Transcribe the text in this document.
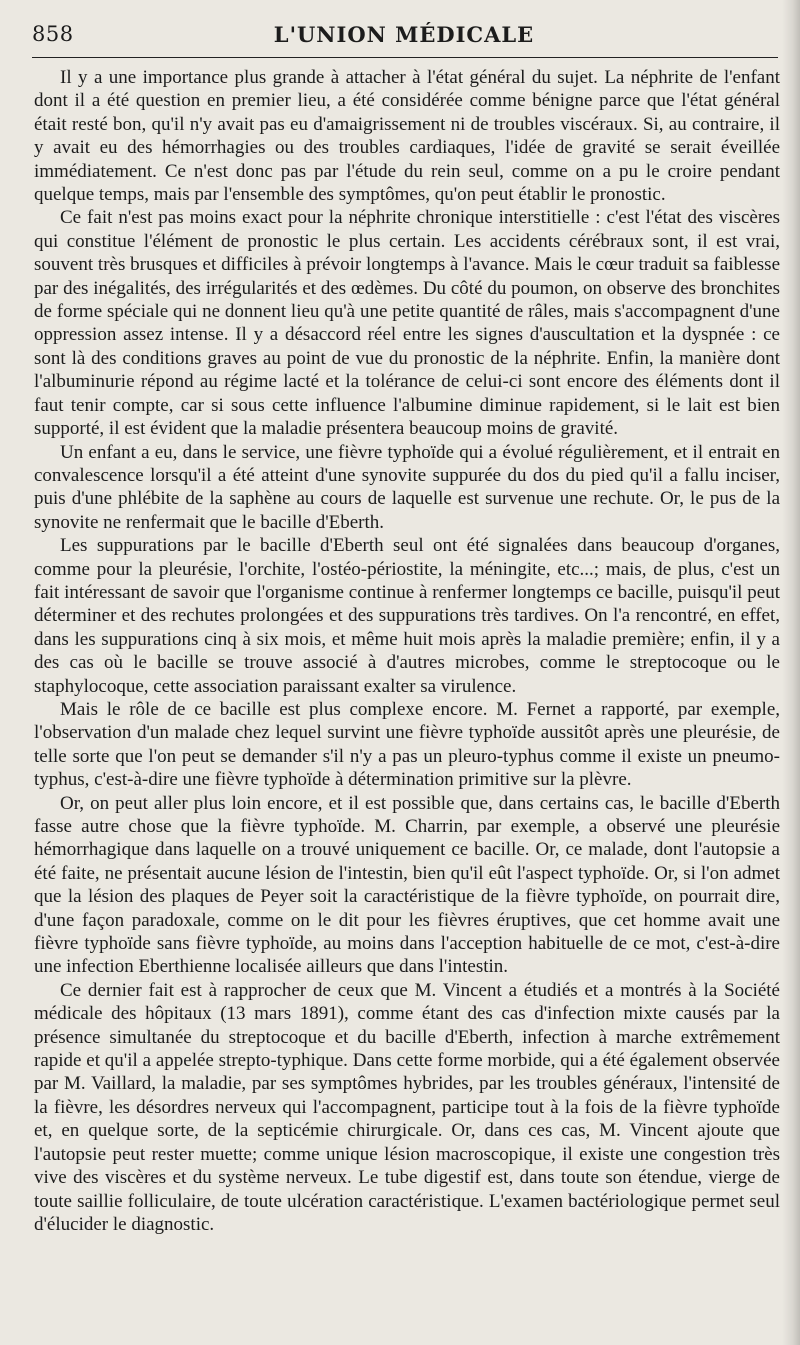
858	L'UNION MÉDICALE

Il y a une importance plus grande à attacher à l'état général du sujet. La néphrite de l'enfant dont il a été question en premier lieu, a été considérée comme bénigne parce que l'état général était resté bon, qu'il n'y avait pas eu d'amaigrissement ni de troubles viscéraux. Si, au contraire, il y avait eu des hémorrhagies ou des troubles cardiaques, l'idée de gravité se serait éveillée immédiatement. Ce n'est donc pas par l'étude du rein seul, comme on a pu le croire pendant quelque temps, mais par l'ensemble des symptômes, qu'on peut établir le pronostic.

Ce fait n'est pas moins exact pour la néphrite chronique interstitielle : c'est l'état des viscères qui constitue l'élément de pronostic le plus certain. Les accidents cérébraux sont, il est vrai, souvent très brusques et difficiles à prévoir longtemps à l'avance. Mais le cœur traduit sa faiblesse par des inégalités, des irrégularités et des œdèmes. Du côté du poumon, on observe des bronchites de forme spéciale qui ne donnent lieu qu'à une petite quantité de râles, mais s'accompagnent d'une oppression assez intense. Il y a désaccord réel entre les signes d'auscultation et la dyspnée : ce sont là des conditions graves au point de vue du pronostic de la néphrite. Enfin, la manière dont l'albuminurie répond au régime lacté et la tolérance de celui-ci sont encore des éléments dont il faut tenir compte, car si sous cette influence l'albumine diminue rapidement, si le lait est bien supporté, il est évident que la maladie présentera beaucoup moins de gravité.

Un enfant a eu, dans le service, une fièvre typhoïde qui a évolué régulièrement, et il entrait en convalescence lorsqu'il a été atteint d'une synovite suppurée du dos du pied qu'il a fallu inciser, puis d'une phlébite de la saphène au cours de laquelle est survenue une rechute. Or, le pus de la synovite ne renfermait que le bacille d'Eberth.

Les suppurations par le bacille d'Eberth seul ont été signalées dans beaucoup d'organes, comme pour la pleurésie, l'orchite, l'ostéo-périostite, la méningite, etc...; mais, de plus, c'est un fait intéressant de savoir que l'organisme continue à renfermer longtemps ce bacille, puisqu'il peut déterminer et des rechutes prolongées et des suppurations très tardives. On l'a rencontré, en effet, dans les suppurations cinq à six mois, et même huit mois après la maladie première; enfin, il y a des cas où le bacille se trouve associé à d'autres microbes, comme le streptocoque ou le staphylocoque, cette association paraissant exalter sa virulence.

Mais le rôle de ce bacille est plus complexe encore. M. Fernet a rapporté, par exemple, l'observation d'un malade chez lequel survint une fièvre typhoïde aussitôt après une pleurésie, de telle sorte que l'on peut se demander s'il n'y a pas un pleuro-typhus comme il existe un pneumo-typhus, c'est-à-dire une fièvre typhoïde à détermination primitive sur la plèvre.

Or, on peut aller plus loin encore, et il est possible que, dans certains cas, le bacille d'Eberth fasse autre chose que la fièvre typhoïde. M. Charrin, par exemple, a observé une pleurésie hémorrhagique dans laquelle on a trouvé uniquement ce bacille. Or, ce malade, dont l'autopsie a été faite, ne présentait aucune lésion de l'intestin, bien qu'il eût l'aspect typhoïde. Or, si l'on admet que la lésion des plaques de Peyer soit la caractéristique de la fièvre typhoïde, on pourrait dire, d'une façon paradoxale, comme on le dit pour les fièvres éruptives, que cet homme avait une fièvre typhoïde sans fièvre typhoïde, au moins dans l'acception habituelle de ce mot, c'est-à-dire une infection Eberthienne localisée ailleurs que dans l'intestin.

Ce dernier fait est à rapprocher de ceux que M. Vincent a étudiés et a montrés à la Société médicale des hôpitaux (13 mars 1891), comme étant des cas d'infection mixte causés par la présence simultanée du streptocoque et du bacille d'Eberth, infection à marche extrêmement rapide et qu'il a appelée strepto-typhique. Dans cette forme morbide, qui a été également observée par M. Vaillard, la maladie, par ses symptômes hybrides, par les troubles généraux, l'intensité de la fièvre, les désordres nerveux qui l'accompagnent, participe tout à la fois de la fièvre typhoïde et, en quelque sorte, de la septicémie chirurgicale. Or, dans ces cas, M. Vincent ajoute que l'autopsie peut rester muette; comme unique lésion macroscopique, il existe une congestion très vive des viscères et du système nerveux. Le tube digestif est, dans toute son étendue, vierge de toute saillie folliculaire, de toute ulcération caractéristique. L'examen bactériologique permet seul d'élucider le diagnostic.
